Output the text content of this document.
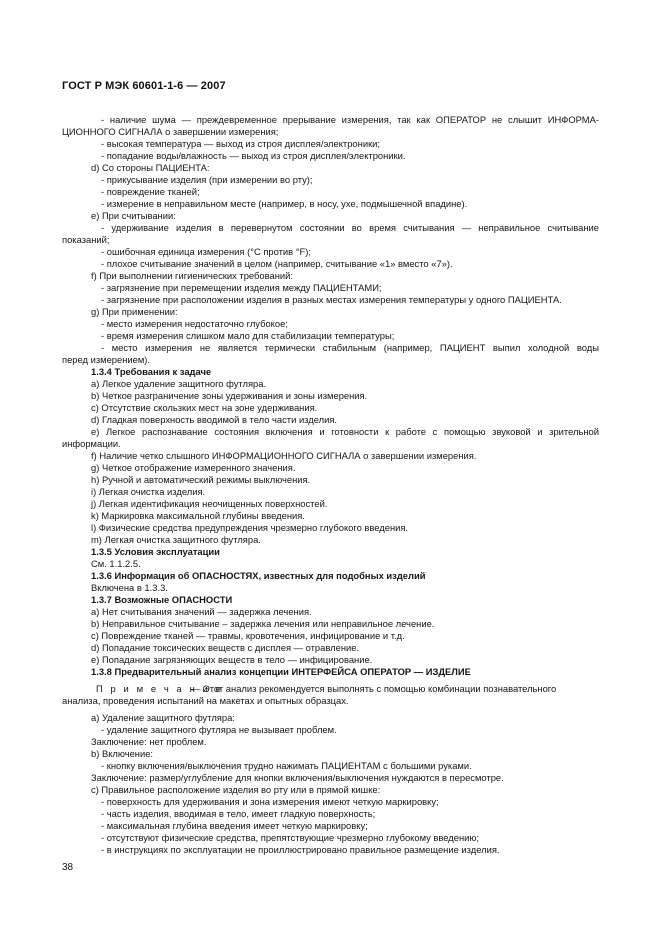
ГОСТ Р МЭК 60601-1-6 — 2007
- наличие шума — преждевременное прерывание измерения, так как ОПЕРАТОР не слышит ИНФОРМА-
ЦИОННОГО СИГНАЛА о завершении измерения;
- высокая температура — выход из строя дисплея/электроники;
- попадание воды/влажность — выход из строя дисплея/электроники.
d) Со стороны ПАЦИЕНТА:
- прикусывание изделия (при измерении во рту);
- повреждение тканей;
- измерение в неправильном месте (например, в носу, ухе, подмышечной впадине).
e) При считывании:
- удерживание изделия в перевернутом состоянии во время считывания — неправильное считывание
показаний;
- ошибочная единица измерения (°С против °F);
- плохое считывание значений в целом (например, считывание «1» вместо «7»).
f) При выполнении гигиенических требований:
- загрязнение при перемещении изделия между ПАЦИЕНТАМИ;
- загрязнение при расположении изделия в разных местах измерения температуры у одного ПАЦИЕНТА.
g) При применении:
- место измерения недостаточно глубокое;
- время измерения слишком мало для стабилизации температуры;
- место измерения не является термически стабильным (например, ПАЦИЕНТ выпил холодной воды
перед измерением).
1.3.4 Требования к задаче
a) Легкое удаление защитного футляра.
b) Четкое разграничение зоны удерживания и зоны измерения.
c) Отсутствие скользких мест на зоне удерживания.
d) Гладкая поверхность вводимой в тело части изделия.
e) Легкое распознавание состояния включения и готовности к работе с помощью звуковой и зрительной
информации.
f) Наличие четко слышного ИНФОРМАЦИОННОГО СИГНАЛА о завершении измерения.
g) Четкое отображение измеренного значения.
h) Ручной и автоматический режимы выключения.
i) Легкая очистка изделия.
j) Легкая идентификация неочищенных поверхностей.
k) Маркировка максимальной глубины введения.
l) Физические средства предупреждения чрезмерно глубокого введения.
m) Легкая очистка защитного футляра.
1.3.5 Условия эксплуатации
См. 1.1.2.5.
1.3.6 Информация об ОПАСНОСТЯХ, известных для подобных изделий
Включена в 1.3.3.
1.3.7 Возможные ОПАСНОСТИ
a) Нет считывания значений — задержка лечения.
b) Неправильное считывание – задержка лечения или неправильное лечение.
c) Повреждение тканей — травмы, кровотечения, инфицирование и т.д.
d) Попадание токсических веществ с дисплея — отравление.
e) Попадание загрязняющих веществ в тело — инфицирование.
1.3.8 Предварительный анализ концепции ИНТЕРФЕЙСА ОПЕРАТОР — ИЗДЕЛИЕ
П р и м е ч а н и е
— Этот анализ рекомендуется выполнять с помощью комбинации познавательного
анализа, проведения испытаний на макетах и опытных образцах.
a) Удаление защитного футляра:
- удаление защитного футляра не вызывает проблем.
Заключение: нет проблем.
b) Включение:
- кнопку включения/выключения трудно нажимать ПАЦИЕНТАМ с большими руками.
Заключение: размер/углубление для кнопки включения/выключения нуждаются в пересмотре.
c) Правильное расположение изделия во рту или в прямой кишке:
- поверхность для удерживания и зона измерения имеют четкую маркировку;
- часть изделия, вводимая в тело, имеет гладкую поверхность;
- максимальная глубина введения имеет четкую маркировку;
- отсутствуют физические средства, препятствующие чрезмерно глубокому введению;
- в инструкциях по эксплуатации не проиллюстрировано правильное размещение изделия.
38
